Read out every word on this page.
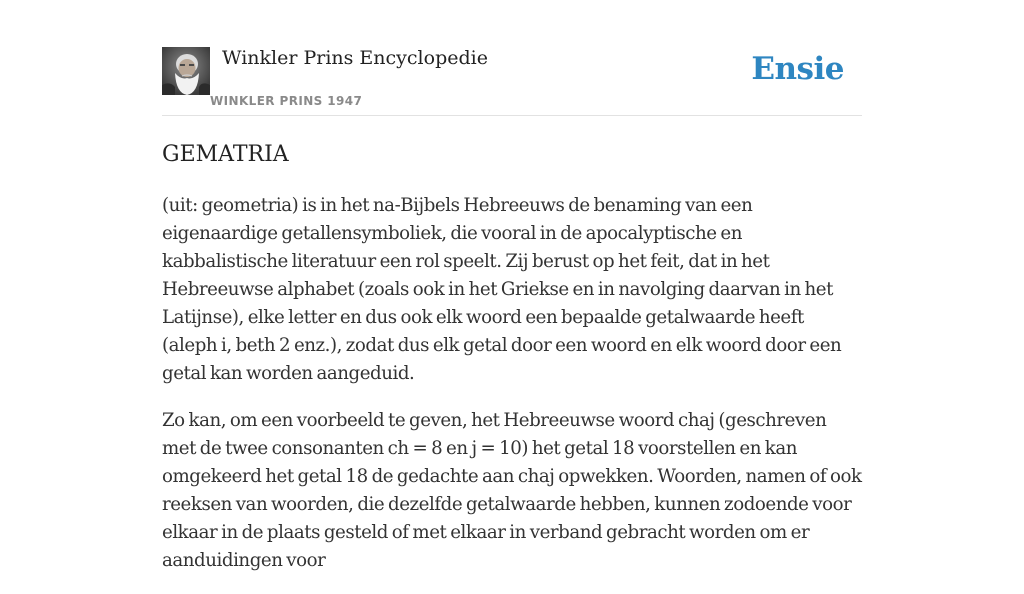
Winkler Prins Encyclopedie
WINKLER PRINS 1947
Ensie
GEMATRIA

(uit: geometria) is in het na-Bijbels Hebreeuws de benaming van een eigenaardige getallensymboliek, die vooral in de apocalyptische en kabbalistische literatuur een rol speelt. Zij berust op het feit, dat in het Hebreeuwse alphabet (zoals ook in het Griekse en in navolging daarvan in het Latijnse), elke letter en dus ook elk woord een bepaalde getalwaarde heeft (aleph i, beth 2 enz.), zodat dus elk getal door een woord en elk woord door een getal kan worden aangeduid.

Zo kan, om een voorbeeld te geven, het Hebreeuwse woord chaj (geschreven met de twee consonanten ch = 8 en j = 10) het getal 18 voorstellen en kan omgekeerd het getal 18 de gedachte aan chaj opwekken. Woorden, namen of ook reeksen van woorden, die dezelfde getalwaarde hebben, kunnen zodoende voor elkaar in de plaats gesteld of met elkaar in verband gebracht worden om er aanduidingen voor
